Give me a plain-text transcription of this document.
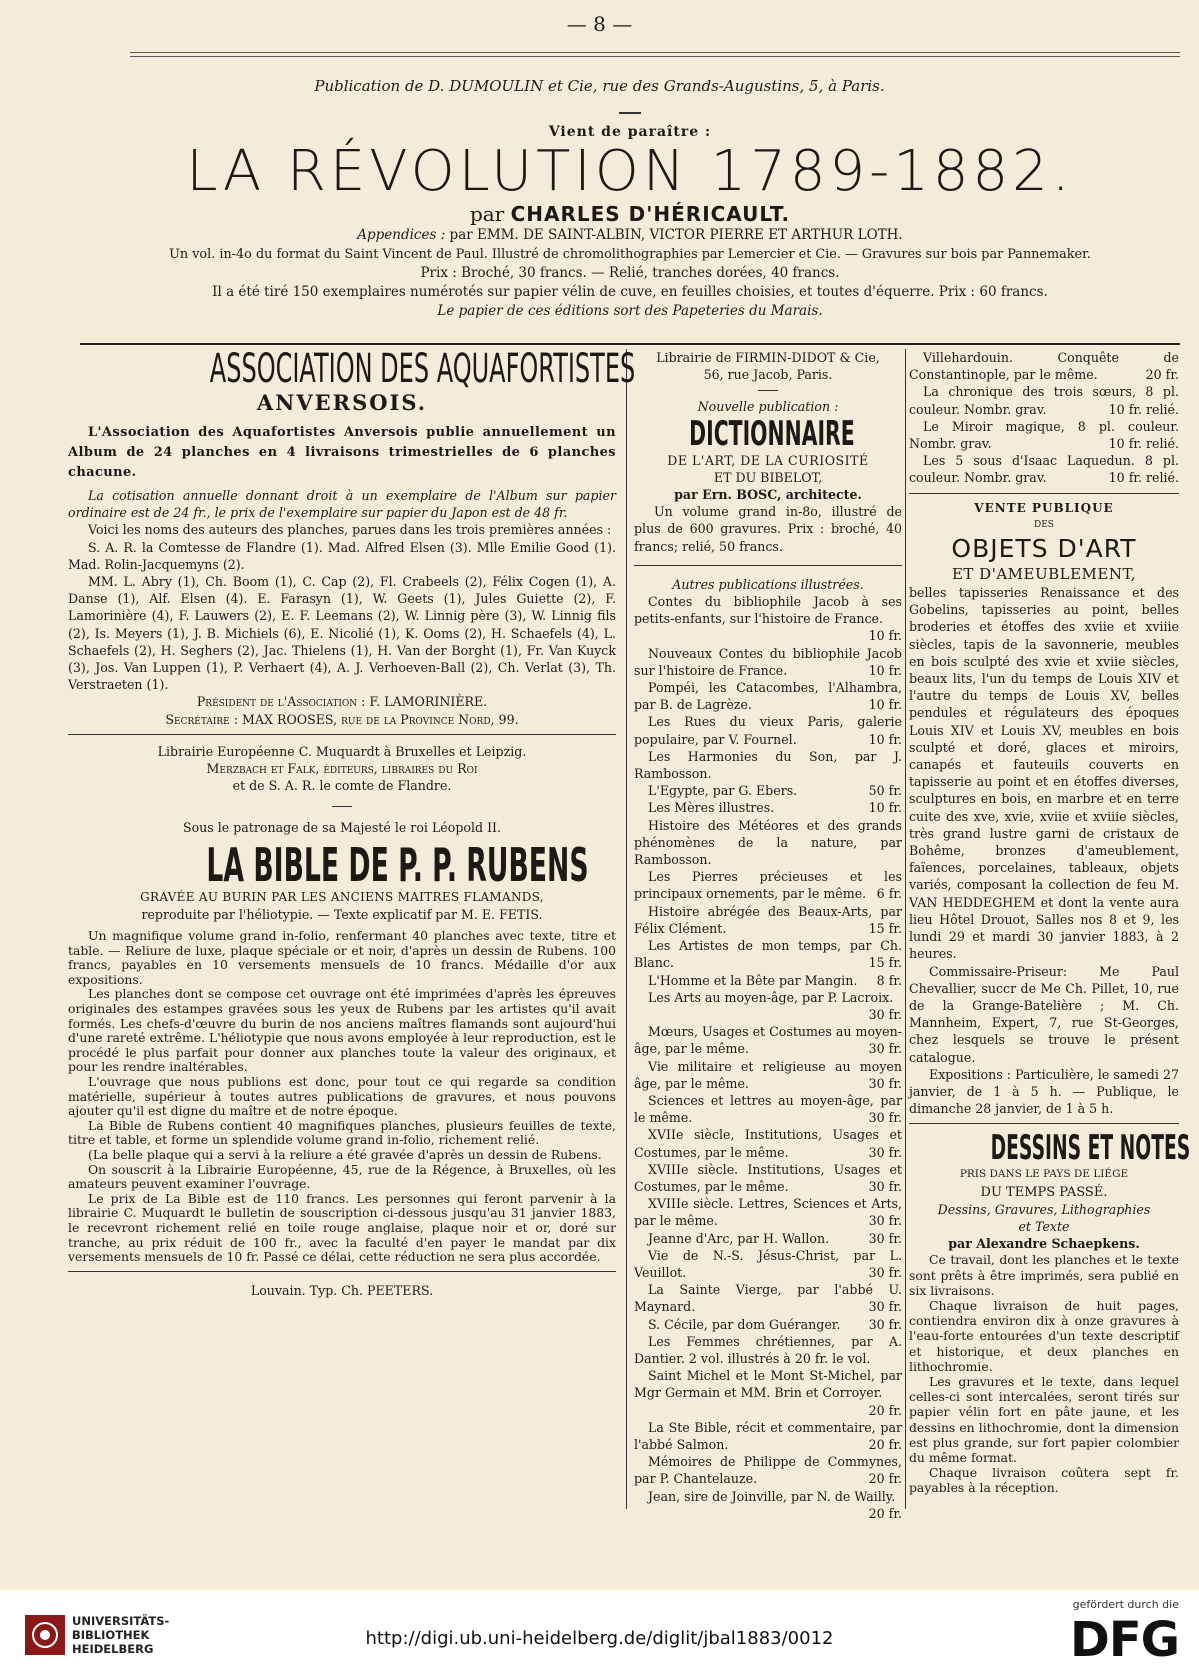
— 8 —
Publication de D. DUMOULIN et Cie, rue des Grands-Augustins, 5, à Paris.
Vient de paraître :
LA RÉVOLUTION 1789-1882.
par CHARLES D'HÉRICAULT.
Appendices : par EMM. DE SAINT-ALBIN, VICTOR PIERRE ET ARTHUR LOTH.
Un vol. in-4o du format du Saint Vincent de Paul. Illustré de chromolithographies par Lemercier et Cie. — Gravures sur bois par Pannemaker.
Prix : Broché, 30 francs. — Relié, tranches dorées, 40 francs.
Il a été tiré 150 exemplaires numérotés sur papier vélin de cuve, en feuilles choisies, et toutes d'équerre. Prix : 60 francs.
Le papier de ces éditions sort des Papeteries du Marais.
ASSOCIATION DES AQUAFORTISTES
ANVERSOIS.

L'Association des Aquafortistes Anversois publie annuellement un Album de 24 planches en 4 livraisons trimestrielles de 6 planches chacune.

La cotisation annuelle donnant droit à un exemplaire de l'Album sur papier ordinaire est de 24 fr., le prix de l'exemplaire sur papier du Japon est de 48 fr.

Voici les noms des auteurs des planches, parues dans les trois premières années :

S. A. R. la Comtesse de Flandre (1). Mad. Alfred Elsen (3). Mlle Emilie Good (1). Mad. Rolin-Jacquemyns (2).

MM. L. Abry (1), Ch. Boom (1), C. Cap (2), Fl. Crabeels (2), Félix Cogen (1), A. Danse (1), Alf. Elsen (4). E. Farasyn (1), W. Geets (1), Jules Guiette (2), F. Lamorinière (4), F. Lauwers (2), E. F. Leemans (2), W. Linnig père (3), W. Linnig fils (2), Is. Meyers (1), J. B. Michiels (6), E. Nicolié (1), K. Ooms (2), H. Schaefels (4), L. Schaefels (2), H. Seghers (2), Jac. Thielens (1), H. Van der Borght (1), Fr. Van Kuyck (3), Jos. Van Luppen (1), P. Verhaert (4), A. J. Verhoeven-Ball (2), Ch. Verlat (3), Th. Verstraeten (1).

Président de l'Association : F. LAMORINIÈRE.

Secrétaire : MAX ROOSES, rue de la Province Nord, 99.

Librairie Européenne C. Muquardt à Bruxelles et Leipzig.

Merzbach et Falk, éditeurs, libraires du Roi

et de S. A. R. le comte de Flandre.

Sous le patronage de sa Majesté le roi Léopold II.

LA BIBLE DE P. P. RUBENS

GRAVÉE AU BURIN PAR LES ANCIENS MAITRES FLAMANDS,

reproduite par l'héliotypie. — Texte explicatif par M. E. FETIS.

Un magnifique volume grand in-folio, renfermant 40 planches avec texte, titre et table. — Reliure de luxe, plaque spéciale or et noir, d'après un dessin de Rubens. 100 francs, payables en 10 versements mensuels de 10 francs. Médaille d'or aux expositions.

Les planches dont se compose cet ouvrage ont été imprimées d'après les épreuves originales des estampes gravées sous les yeux de Rubens par les artistes qu'il avait formés. Les chefs-d'œuvre du burin de nos anciens maîtres flamands sont aujourd'hui d'une rareté extrême. L'héliotypie que nous avons employée à leur reproduction, est le procédé le plus parfait pour donner aux planches toute la valeur des originaux, et pour les rendre inaltérables.

L'ouvrage que nous publions est donc, pour tout ce qui regarde sa condition matérielle, supérieur à toutes autres publications de gravures, et nous pouvons ajouter qu'il est digne du maître et de notre époque.

La Bible de Rubens contient 40 magnifiques planches, plusieurs feuilles de texte, titre et table, et forme un splendide volume grand in-folio, richement relié.

(La belle plaque qui a servi à la reliure a été gravée d'après un dessin de Rubens.

On souscrit à la Librairie Européenne, 45, rue de la Régence, à Bruxelles, où les amateurs peuvent examiner l'ouvrage.

Le prix de La Bible est de 110 francs. Les personnes qui feront parvenir à la librairie C. Muquardt le bulletin de souscription ci-dessous jusqu'au 31 janvier 1883, le recevront richement relié en toile rouge anglaise, plaque noir et or, doré sur tranche, au prix réduit de 100 fr., avec la faculté d'en payer le mandat par dix versements mensuels de 10 fr. Passé ce délai, cette réduction ne sera plus accordée.

Louvain. Typ. Ch. PEETERS.

Librairie de FIRMIN-DIDOT & Cie,

56, rue Jacob, Paris.

Nouvelle publication :

DICTIONNAIRE

DE L'ART, DE LA CURIOSITÉ

ET DU BIBELOT,

par Ern. BOSC, architecte.

Un volume grand in-8o, illustré de plus de 600 gravures. Prix : broché, 40 francs; relié, 50 francs.

Autres publications illustrées.

Contes du bibliophile Jacob à ses petits-enfants, sur l'histoire de France.
10 fr.
Nouveaux Contes du bibliophile Jacob sur l'histoire de France.	10 fr.
Pompéi, les Catacombes, l'Alhambra, par B. de Lagrèze.	10 fr.
Les Rues du vieux Paris, galerie populaire, par V. Fournel.	10 fr.
Les Harmonies du Son, par J. Rambosson.
L'Egypte, par G. Ebers.	50 fr.
Les Mères illustres.	10 fr.
Histoire des Météores et des grands phénomènes de la nature, par Rambosson.
Les Pierres précieuses et les principaux ornements, par le même. 6 fr.
Histoire abrégée des Beaux-Arts, par Félix Clément.	15 fr.
Les Artistes de mon temps, par Ch. Blanc.	15 fr.
L'Homme et la Bête par Mangin.	8 fr.
Les Arts au moyen-âge, par P. Lacroix.
30 fr.
Mœurs, Usages et Costumes au moyen-âge, par le même.	30 fr.
Vie militaire et religieuse au moyen âge, par le même.	30 fr.
Sciences et lettres au moyen-âge, par le même.	30 fr.
XVIIe siècle, Institutions, Usages et Costumes, par le même.	30 fr.
XVIIIe siècle. Institutions, Usages et Costumes, par le même.	30 fr.
XVIIIe siècle. Lettres, Sciences et Arts, par le même.	30 fr.
Jeanne d'Arc, par H. Wallon.	30 fr.
Vie de N.-S. Jésus-Christ, par L. Veuillot.	30 fr.
La Sainte Vierge, par l'abbé U. Maynard.	30 fr.
S. Cécile, par dom Guéranger.	30 fr.
Les Femmes chrétiennes, par A. Dantier. 2 vol. illustrés à 20 fr. le vol.
Saint Michel et le Mont St-Michel, par Mgr Germain et MM. Brin et Corroyer.
20 fr.
La Ste Bible, récit et commentaire, par l'abbé Salmon.	20 fr.
Mémoires de Philippe de Commynes, par P. Chantelauze.	20 fr.
Jean, sire de Joinville, par N. de Wailly.
20 fr.
Villehardouin. Conquête de Constantinople, par le même.	20 fr.
La chronique des trois sœurs, 8 pl. couleur. Nombr. grav.	10 fr. relié.
Le Miroir magique, 8 pl. couleur. Nombr. grav.	10 fr. relié.
Les 5 sous d'Isaac Laquedun. 8 pl. couleur. Nombr. grav.	10 fr. relié.

VENTE PUBLIQUE

DES

OBJETS D'ART

ET D'AMEUBLEMENT,

belles tapisseries Renaissance et des Gobelins, tapisseries au point, belles broderies et étoffes des xviie et xviiie siècles, tapis de la savonnerie, meubles en bois sculpté des xvie et xviie siècles, beaux lits, l'un du temps de Louis XIV et l'autre du temps de Louis XV, belles pendules et régulateurs des époques Louis XIV et Louis XV, meubles en bois sculpté et doré, glaces et miroirs, canapés et fauteuils couverts en tapisserie au point et en étoffes diverses, sculptures en bois, en marbre et en terre cuite des xve, xvie, xviie et xviiie siècles, très grand lustre garni de cristaux de Bohême, bronzes d'ameublement, faïences, porcelaines, tableaux, objets variés, composant la collection de feu M. VAN HEDDEGHEM et dont la vente aura lieu Hôtel Drouot, Salles nos 8 et 9, les lundi 29 et mardi 30 janvier 1883, à 2 heures.

Commissaire-Priseur: Me Paul Chevallier, succr de Me Ch. Pillet, 10, rue de la Grange-Batelière ; M. Ch. Mannheim, Expert, 7, rue St-Georges, chez lesquels se trouve le présent catalogue.

Expositions : Particulière, le samedi 27 janvier, de 1 à 5 h. — Publique, le dimanche 28 janvier, de 1 à 5 h.

DESSINS ET NOTES

PRIS DANS LE PAYS DE LIÉGE

DU TEMPS PASSÉ.

Dessins, Gravures, Lithographies

et Texte

par Alexandre Schaepkens.

Ce travail, dont les planches et le texte sont prêts à être imprimés, sera publié en six livraisons.

Chaque livraison de huit pages, contiendra environ dix à onze gravures à l'eau-forte entourées d'un texte descriptif et historique, et deux planches en lithochromie.

Les gravures et le texte, dans lequel celles-ci sont intercalées, seront tirés sur papier vélin fort en pâte jaune, et les dessins en lithochromie, dont la dimension est plus grande, sur fort papier colombier du même format.

Chaque livraison coûtera sept fr. payables à la réception.

UNIVERSITÄTS-
BIBLIOTHEK
HEIDELBERG	http://digi.ub.uni-heidelberg.de/diglit/jbal1883/0012
gefördert durch die
DFG
